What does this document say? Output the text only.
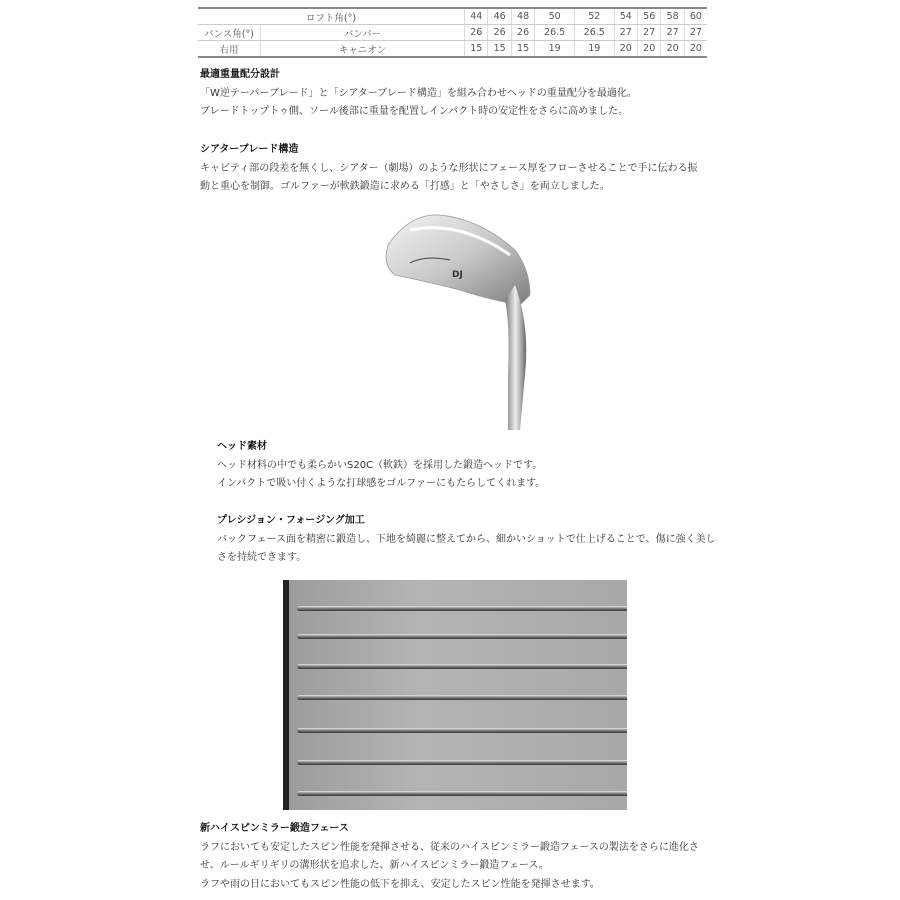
ロフト角(°)		44	46	48	50	52	54	56	58	60
バンス角(°)	バンパー	26	26	26	26.5	26.5	27	27	27	27
右用	キャニオン	15	15	15	19	19	20	20	20	20
最適重量配分設計

「W逆テーパーブレード」と「シアターブレード構造」を組み合わせヘッドの重量配分を最適化。

ブレードトップトゥ側、ソール後部に重量を配置しインパクト時の安定性をさらに高めました。

シアターブレード構造

キャビティ部の段差を無くし、シアター（劇場）のような形状にフェース厚をフローさせることで手に伝わる振

動と重心を制御。ゴルファーが軟鉄鍛造に求める「打感」と「やさしさ」を両立しました。

DJ
ヘッド素材

ヘッド材料の中でも柔らかいS20C（軟鉄）を採用した鍛造ヘッドです。

インパクトで吸い付くような打球感をゴルファーにもたらしてくれます。

プレシジョン・フォージング加工

バックフェース面を精密に鍛造し、下地を綺麗に整えてから、細かいショットで仕上げることで、傷に強く美し

さを持続できます。

新ハイスピンミラー鍛造フェース

ラフにおいても安定したスピン性能を発揮させる、従来のハイスピンミラー鍛造フェースの製法をさらに進化さ

せ、ルールギリギリの溝形状を追求した、新ハイスピンミラー鍛造フェース。

ラフや雨の日においてもスピン性能の低下を抑え、安定したスピン性能を発揮させます。
